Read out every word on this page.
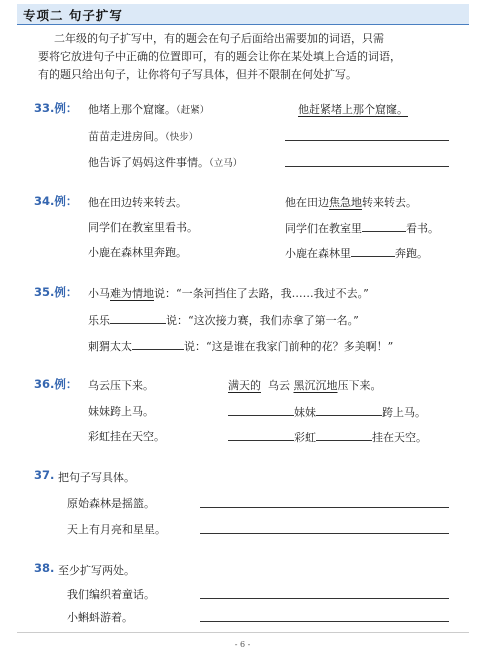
专项二 句子扩写
二年级的句子扩写中，有的题会在句子后面给出需要加的词语，只需
要将它放进句子中正确的位置即可，有的题会让你在某处填上合适的词语，
有的题只给出句子，让你将句子写具体，但并不限制在何处扩写。
33.例： 他堵上那个窟窿。（赶紧）	他赶紧堵上那个窟窿。
苗苗走进房间。（快步）
他告诉了妈妈这件事情。（立马）
34.例： 他在田边转来转去。	他在田边焦急地转来转去。
同学们在教室里看书。	同学们在教室里	看书。
小鹿在森林里奔跑。	小鹿在森林里	奔跑。
35.例： 小马难为情地说：“一条河挡住了去路，我……我过不去。”
乐乐	说：“这次接力赛，我们赤拿了第一名。”
刺猬太太	说：“这是谁在我家门前种的花？多美啊！”
36.例： 乌云压下来。	满天的 乌云 黑沉沉地压下来。
妹妹跨上马。	妹妹	跨上马。
彩虹挂在天空。	彩虹	挂在天空。
37. 把句子写具体。
原始森林是摇篮。
天上有月亮和星星。
38. 至少扩写两处。
我们编织着童话。
小蝌蚪游着。
- 6 -
